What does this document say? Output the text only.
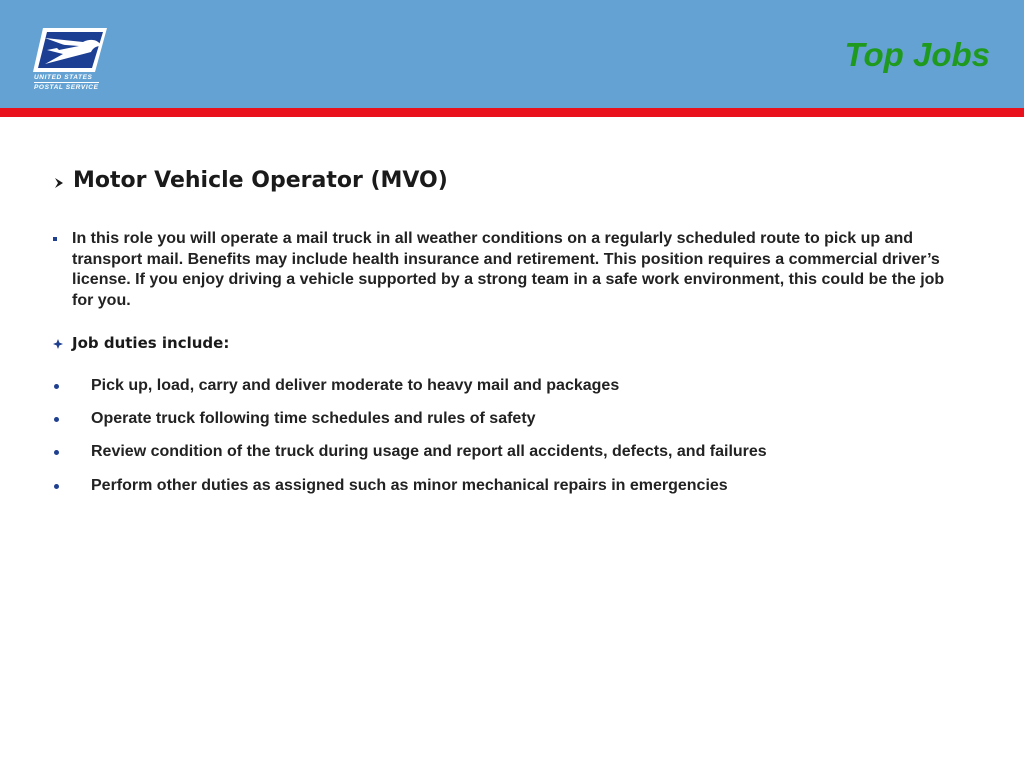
UNITED STATES
POSTAL SERVICE
Top Jobs
Motor Vehicle Operator (MVO)
In this role you will operate a mail truck in all weather conditions on a regularly scheduled route to pick up and transport mail. Benefits may include health insurance and retirement. This position requires a commercial driver’s license. If you enjoy driving a vehicle supported by a strong team in a safe work environment, this could be the job for you.
Job duties include:
Pick up, load, carry and deliver moderate to heavy mail and packages
Operate truck following time schedules and rules of safety
Review condition of the truck during usage and report all accidents, defects, and failures
Perform other duties as assigned such as minor mechanical repairs in emergencies
